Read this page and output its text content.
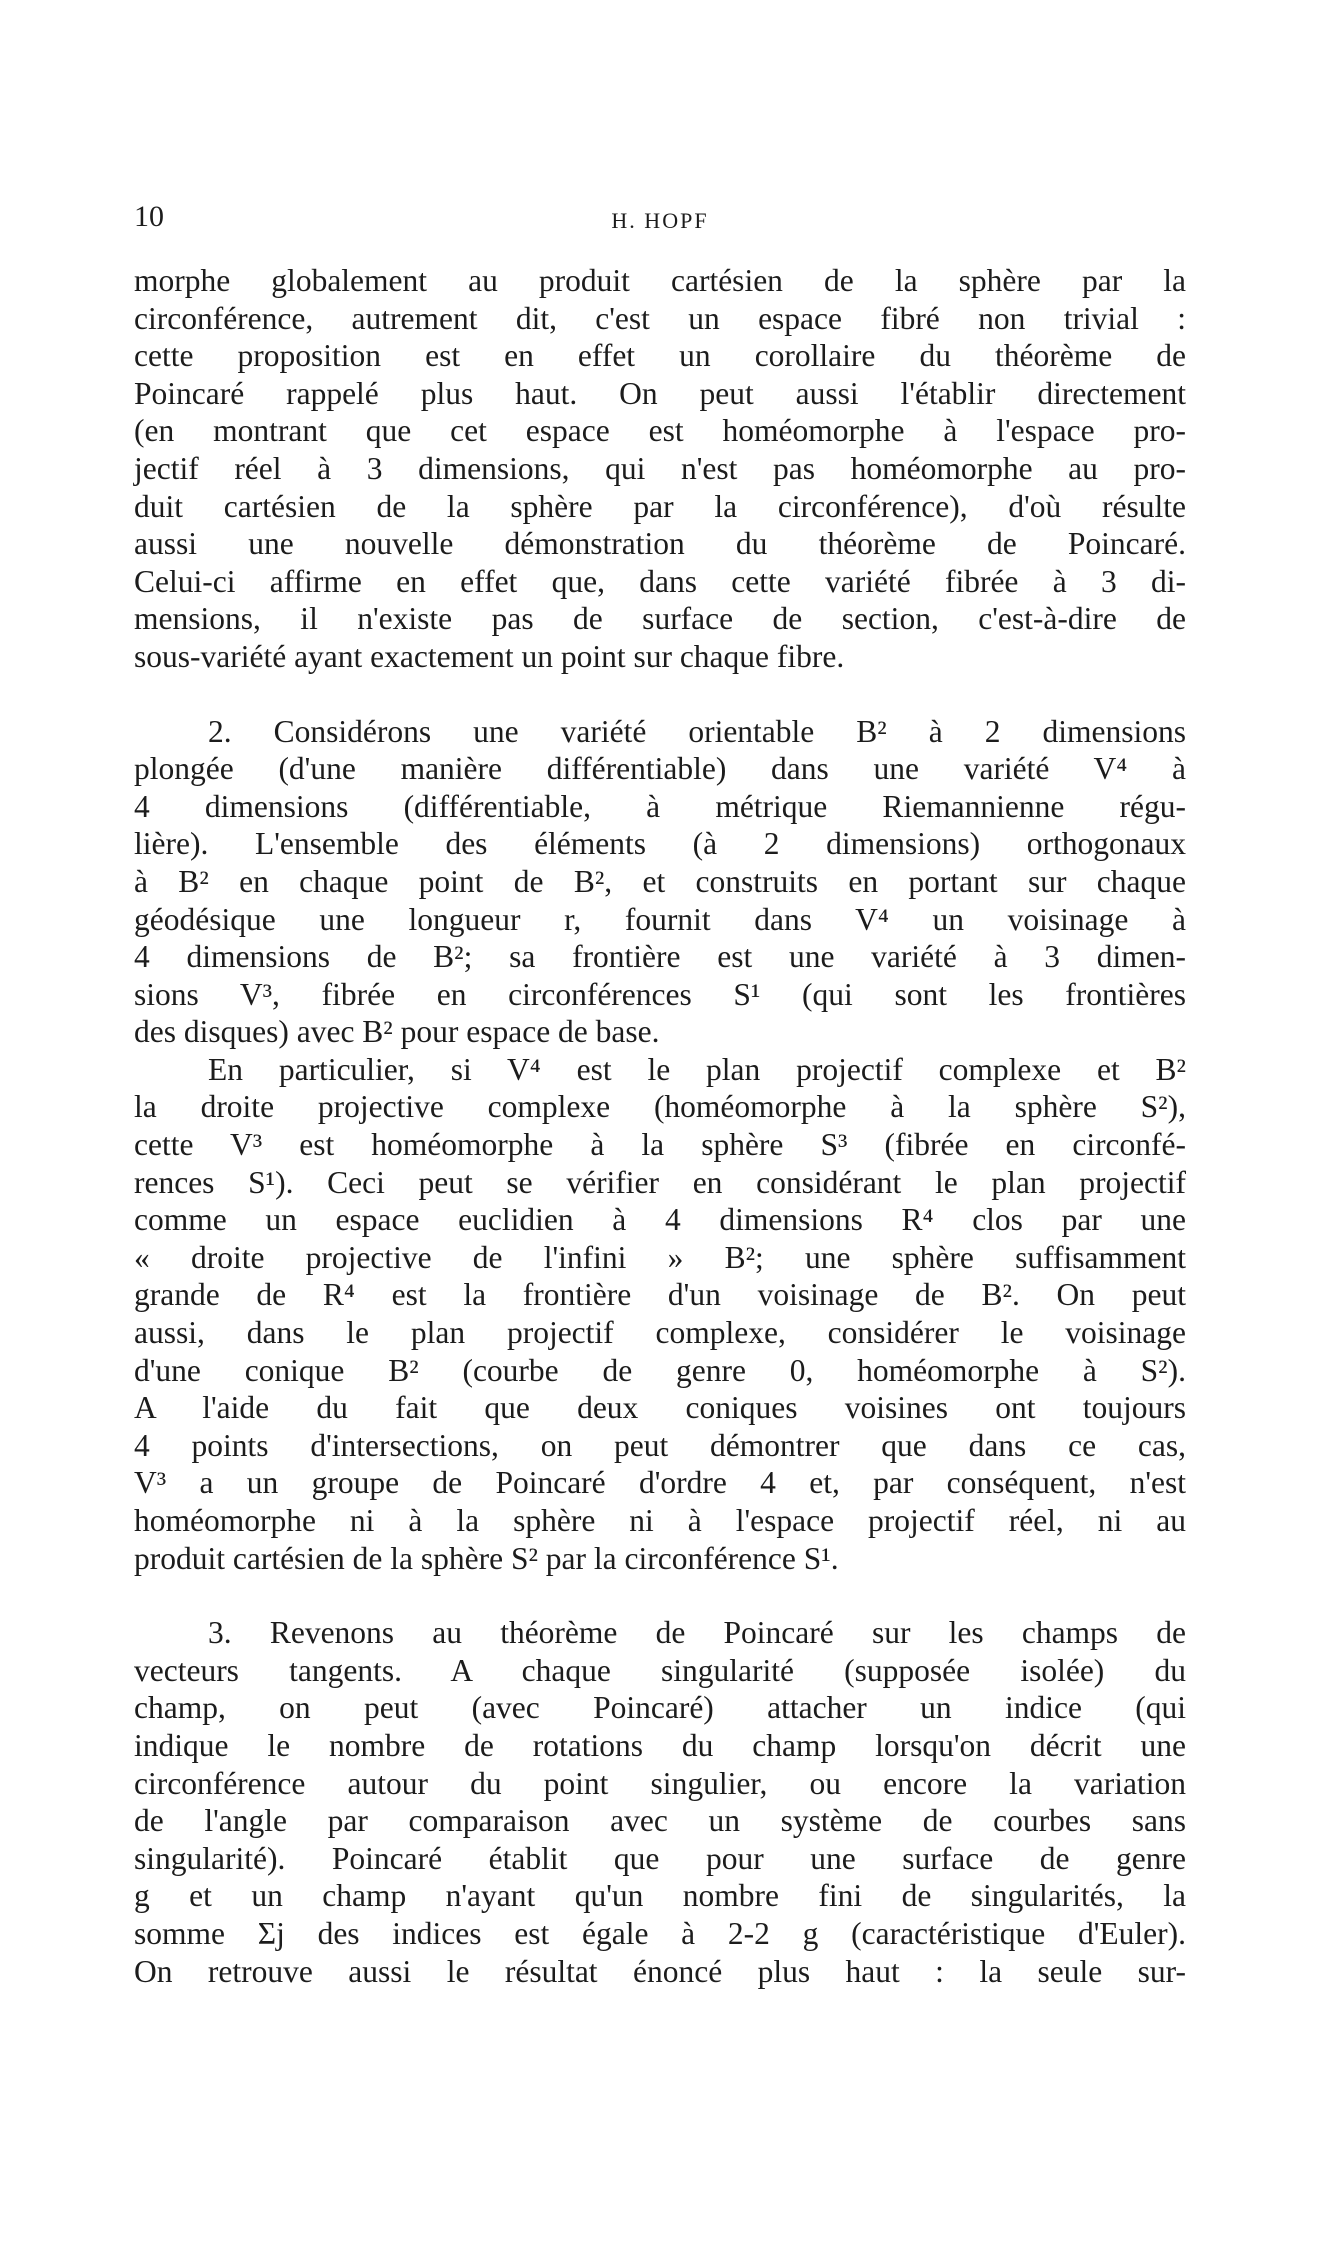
10	H. HOPF

morphe globalement au produit cartésien de la sphère par la

circonférence, autrement dit, c'est un espace fibré non trivial :

cette proposition est en effet un corollaire du théorème de

Poincaré rappelé plus haut. On peut aussi l'établir directement

(en montrant que cet espace est homéomorphe à l'espace pro-

jectif réel à 3 dimensions, qui n'est pas homéomorphe au pro-

duit cartésien de la sphère par la circonférence), d'où résulte

aussi une nouvelle démonstration du théorème de Poincaré.

Celui-ci affirme en effet que, dans cette variété fibrée à 3 di-

mensions, il n'existe pas de surface de section, c'est-à-dire de

sous-variété ayant exactement un point sur chaque fibre.

2. Considérons une variété orientable B² à 2 dimensions

plongée (d'une manière différentiable) dans une variété V⁴ à

4 dimensions (différentiable, à métrique Riemannienne régu-

lière). L'ensemble des éléments (à 2 dimensions) orthogonaux

à B² en chaque point de B², et construits en portant sur chaque

géodésique une longueur r, fournit dans V⁴ un voisinage à

4 dimensions de B²; sa frontière est une variété à 3 dimen-

sions V³, fibrée en circonférences S¹ (qui sont les frontières

des disques) avec B² pour espace de base.

En particulier, si V⁴ est le plan projectif complexe et B²

la droite projective complexe (homéomorphe à la sphère S²),

cette V³ est homéomorphe à la sphère S³ (fibrée en circonfé-

rences S¹). Ceci peut se vérifier en considérant le plan projectif

comme un espace euclidien à 4 dimensions R⁴ clos par une

« droite projective de l'infini » B²; une sphère suffisamment

grande de R⁴ est la frontière d'un voisinage de B². On peut

aussi, dans le plan projectif complexe, considérer le voisinage

d'une conique B² (courbe de genre 0, homéomorphe à S²).

A l'aide du fait que deux coniques voisines ont toujours

4 points d'intersections, on peut démontrer que dans ce cas,

V³ a un groupe de Poincaré d'ordre 4 et, par conséquent, n'est

homéomorphe ni à la sphère ni à l'espace projectif réel, ni au

produit cartésien de la sphère S² par la circonférence S¹.

3. Revenons au théorème de Poincaré sur les champs de

vecteurs tangents. A chaque singularité (supposée isolée) du

champ, on peut (avec Poincaré) attacher un indice (qui

indique le nombre de rotations du champ lorsqu'on décrit une

circonférence autour du point singulier, ou encore la variation

de l'angle par comparaison avec un système de courbes sans

singularité). Poincaré établit que pour une surface de genre

g et un champ n'ayant qu'un nombre fini de singularités, la

somme Σj des indices est égale à 2-2 g (caractéristique d'Euler).

On retrouve aussi le résultat énoncé plus haut : la seule sur-
